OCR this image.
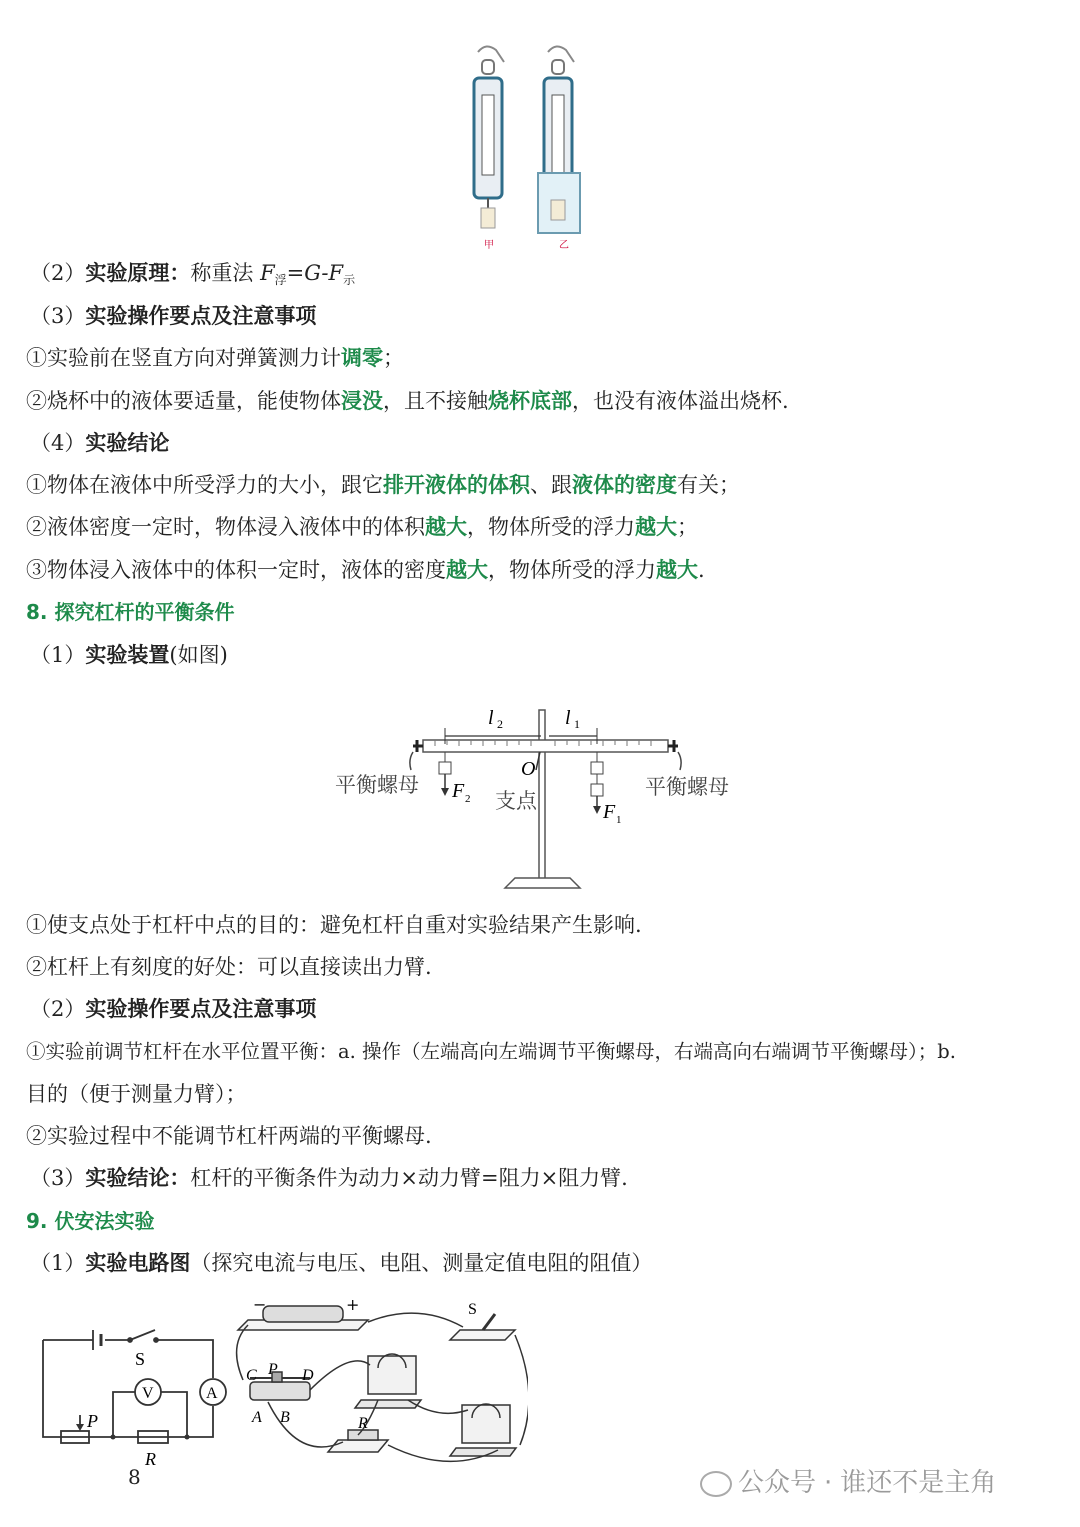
甲	乙
（2）实验原理：称重法 F浮=G-F示
（3）实验操作要点及注意事项
①实验前在竖直方向对弹簧测力计调零；
②烧杯中的液体要适量，能使物体浸没，且不接触烧杯底部，也没有液体溢出烧杯.
（4）实验结论
①物体在液体中所受浮力的大小，跟它排开液体的体积、跟液体的密度有关；
②液体密度一定时，物体浸入液体中的体积越大，物体所受的浮力越大；
③物体浸入液体中的体积一定时，液体的密度越大，物体所受的浮力越大.
8. 探究杠杆的平衡条件
（1）实验装置(如图)
l 2	l 1
平衡螺母	平衡螺母
O
支点
F 2
F 1
①使支点处于杠杆中点的目的：避免杠杆自重对实验结果产生影响.
②杠杆上有刻度的好处：可以直接读出力臂.
（2）实验操作要点及注意事项
①实验前调节杠杆在水平位置平衡：a. 操作（左端高向左端调节平衡螺母，右端高向右端调节平衡螺母）；b.
目的（便于测量力臂）；
②实验过程中不能调节杠杆两端的平衡螺母.
（3）实验结论：杠杆的平衡条件为动力×动力臂=阻力×阻力臂.
9. 伏安法实验
（1）实验电路图（探究电流与电压、电阻、测量定值电阻的阻值）
S
V	A
P
R
−	+	S
C P D
A B	R
8	公众号 · 谁还不是主角
